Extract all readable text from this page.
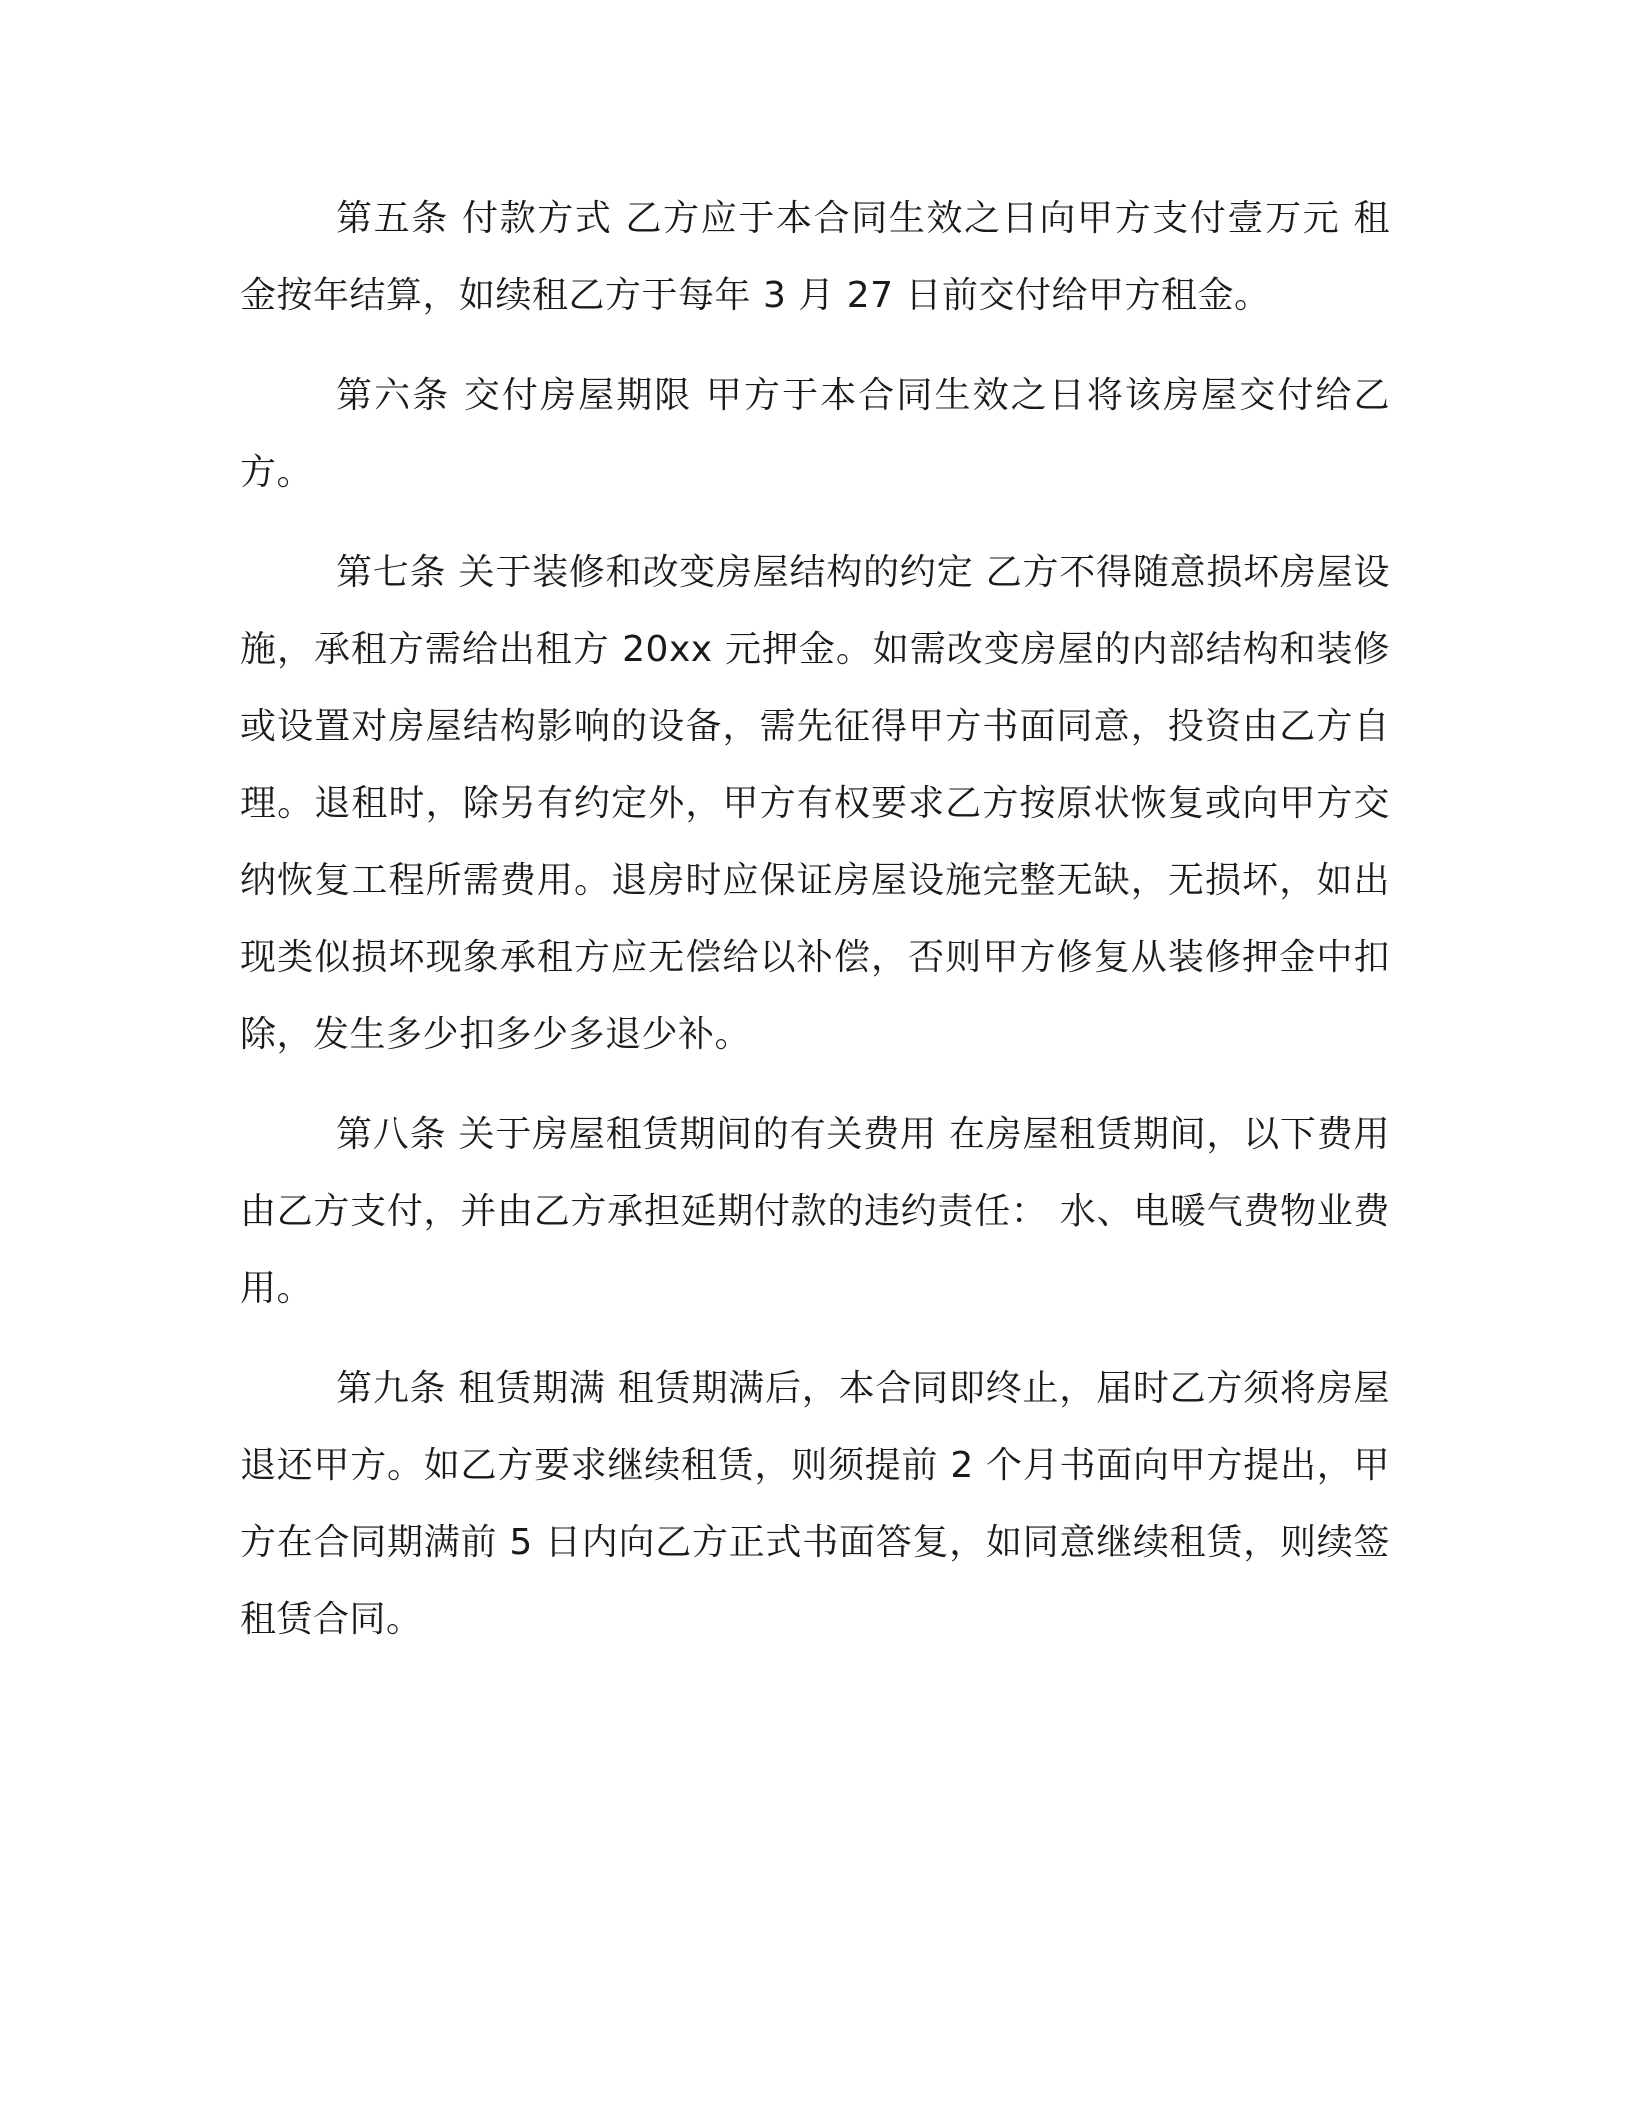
第五条 付款方式 乙方应于本合同生效之日向甲方支付壹万元 租金按年结算，如续租乙方于每年 3 月 27 日前交付给甲方租金。

第六条 交付房屋期限 甲方于本合同生效之日将该房屋交付给乙方。

第七条 关于装修和改变房屋结构的约定 乙方不得随意损坏房屋设施，承租方需给出租方 20xx 元押金。如需改变房屋的内部结构和装修或设置对房屋结构影响的设备，需先征得甲方书面同意，投资由乙方自理。退租时，除另有约定外，甲方有权要求乙方按原状恢复或向甲方交纳恢复工程所需费用。退房时应保证房屋设施完整无缺，无损坏，如出现类似损坏现象承租方应无偿给以补偿，否则甲方修复从装修押金中扣除，发生多少扣多少多退少补。

第八条 关于房屋租赁期间的有关费用 在房屋租赁期间，以下费用由乙方支付，并由乙方承担延期付款的违约责任： 水、电暖气费物业费用。

第九条 租赁期满 租赁期满后，本合同即终止，届时乙方须将房屋退还甲方。如乙方要求继续租赁，则须提前 2 个月书面向甲方提出，甲方在合同期满前 5 日内向乙方正式书面答复，如同意继续租赁，则续签租赁合同。
